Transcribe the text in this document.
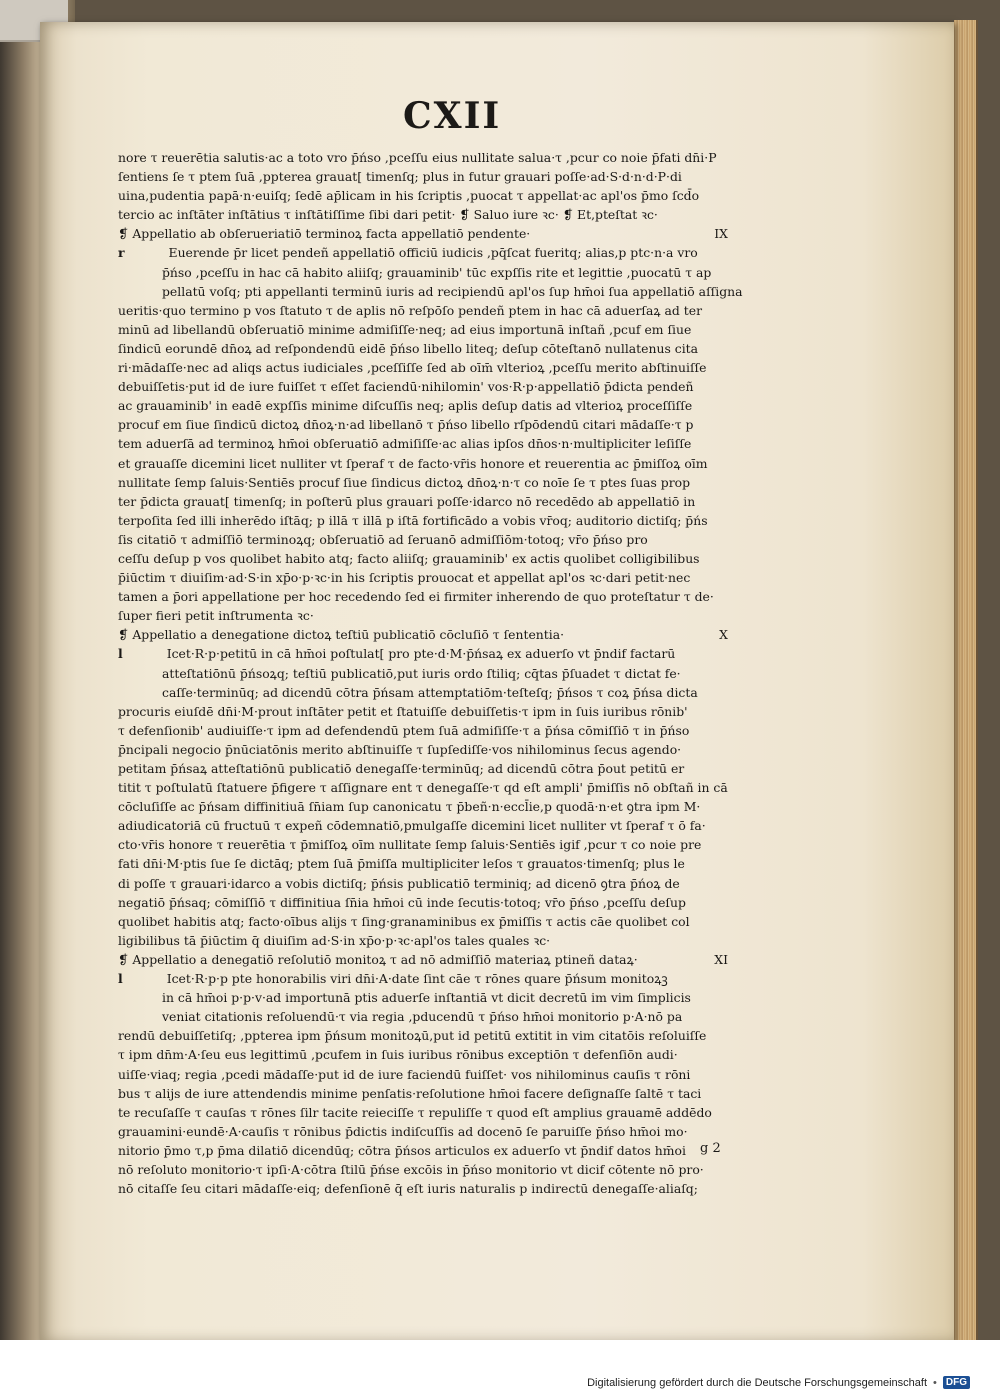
CXII
nore τ reuerētia salutis·ac a toto vro p̄ńso ,pceſſu eius nullitate salua·τ ,pcur co noie p̄fati dn̄i·P
ſentiens ſe τ ptem ſuā ,ppterea grauat[ timenſq; plus in futur grauari poſſe·ad·S·d·n·d·P·di
uina,pudentia papā·n·euiſq; ſedē ap̄licam in his ſcriptis ,puocat τ appellat·ac apl'os p̄mo ſcd̄o
tercio ac inſtāter inſtātius τ inſtātiſſime ſibi dari petit· ❡ Saluo iure ꝛc· ❡ Et,pteſtat ꝛc·
❡ Appellatio ab obſerueriatiō terminoꝝ facta appellatiō pendente·	IX
r	Euerende p̄r licet pendeñ appellatiō officiū iudicis ,pq̄ſcat fueritq; alias,p ptc·n·a vro
p̄ńso ,pceſſu in hac cā habito aliiſq; grauaminib' tūc expſſis rite et legittie ,puocatū τ ap
pellatū voſq; pti appellanti terminū iuris ad recipiendū apl'os ſup hm̄oi ſua appellatiō aſſigna
ueritis·quo termino p vos ſtatuto τ de aplis nō reſpōſo pendeñ ptem in hac cā aduerſaꝝ ad ter
minū ad libellandū obſeruatiō minime admiſiſſe·neq; ad eius importunā inſtañ ,pcuf em ſiue
ſindicū eorundē dn̄oꝝ ad reſpondendū eidē p̄ńso libello liteq; deſup cōteſtanō nullatenus cita
ri·mādaſſe·nec ad aliqs actus iudiciales ,pceſſiſſe ſed ab oīm̄ vlterioꝝ ,pceſſu merito abſtinuiſſe
debuiſſetis·put id de iure fuiſſet τ eſſet faciendū·nihilomin' vos·R·p·appellatiō p̄dicta pendeñ
ac grauaminib' in eadē expſſis minime diſcuſſis neq; aplis deſup datis ad vlterioꝝ proceſſiſſe
procuf em ſiue ſindicū dictoꝝ dn̄oꝝ·n·ad libellanō τ p̄ńso libello rſpōdendū citari mādaſſe·τ p
tem aduerſā ad terminoꝝ hm̄oi obſeruatiō admiſiſſe·ac alias ipſos dn̄os·n·multipliciter leſiſſe
et grauaſſe dicemini licet nulliter vt ſperaf τ de facto·vr̄is honore et reuerentia ac p̄miſſoꝝ oīm
nullitate ſemp ſaluis·Sentiēs procuf ſiue ſindicus dictoꝝ dn̄oꝝ·n·τ co noīe ſe τ ptes ſuas prop
ter p̄dicta grauat[ timenſq; in poſterū plus grauari poſſe·idarco nō recedēdo ab appellatiō in
terpoſita ſed illi inherēdo iſtāq; p illā τ illā p iſtā fortificādo a vobis vr̄oq; auditorio dictiſq; p̄ńs
ſis citatiō τ admiſſiō terminoꝝq; obſeruatiō ad ſeruanō admiſſiōm·totoq; vr̄o p̄ńso pro
ceſſu deſup p vos quolibet habito atq; facto aliiſq; grauaminib' ex actis quolibet colligibilibus
p̄iūctim τ diuiſim·ad·S·in xp̄o·p·ꝛc·in his ſcriptis prouocat et appellat apl'os ꝛc·dari petit·nec
tamen a p̄ori appellatione per hoc recedendo ſed ei firmiter inherendo de quo proteſtatur τ de·
ſuper fieri petit inſtrumenta ꝛc·
❡ Appellatio a denegatione dictoꝝ teſtiū publicatiō cōcluſiō τ ſententia·	X
l	Icet·R·p·petitū in cā hm̄oi poſtulat[ pro pte·d·M·p̄ńsaꝝ ex aduerſo vt p̄ndif factarū
atteſtatiōnū p̄ńsoꝝq; teſtiū publicatiō,put iuris ordo ſtiliq; cq̄tas p̄ſuadet τ dictat fe·
caſſe·terminūq; ad dicendū cōtra p̄ńsam attemptatiōm·teſteſq; p̄ńsos τ coꝝ p̄ńsa dicta
procuris eiuſdē dn̄i·M·prout inſtāter petit et ſtatuiſſe debuiſſetis·τ ipm in ſuis iuribus rōnib'
τ defenſionib' audiuiſſe·τ ipm ad defendendū ptem ſuā admiſiſſe·τ a p̄ńsa cōmiſſiō τ in p̄ńso
p̄ncipali negocio p̄nūciatōnis merito abſtinuiſſe τ ſupſediſſe·vos nihilominus ſecus agendo·
petitam p̄ńsaꝝ atteſtatiōnū publicatiō denegaſſe·terminūq; ad dicendū cōtra p̄out petitū er
titit τ poſtulatū ſtatuere p̄figere τ aſſignare ent τ denegaſſe·τ qd eſt ampli' p̄miſſis nō obſtañ in cā
cōcluſiſſe ac p̄ńsam diffinitiuā ſn̄iam ſup canonicatu τ p̄beñ·n·eccl̄ie,p quodā·n·et ꝯtra ipm M·
adiudicatoriā cū fructuū τ expeñ cōdemnatiō,pmulgaſſe dicemini licet nulliter vt ſperaf τ ō fa·
cto·vr̄is honore τ reuerētia τ p̄miſſoꝝ oīm nullitate ſemp ſaluis·Sentiēs igif ,pcur τ co noie pre
fati dn̄i·M·ptis ſue ſe dictāq; ptem ſuā p̄miſſa multipliciter leſos τ grauatos·timenſq; plus le
di poſſe τ grauari·idarco a vobis dictiſq; p̄ńsis publicatiō terminiq; ad dicenō ꝯtra p̄ńoꝝ de
negatiō p̄ńsaq; cōmiſſiō τ diffinitiua ſn̄ia hm̄oi cū inde ſecutis·totoq; vr̄o p̄ńso ,pceſſu deſup
quolibet habitis atq; facto·oībus alijs τ ſing·granaminibus ex p̄miſſis τ actis cāe quolibet col
ligibilibus tā p̄iūctim q̄ diuiſim ad·S·in xp̄o·p·ꝛc·apl'os tales quales ꝛc·
❡ Appellatio a denegatiō reſolutiō monitoꝝ τ ad nō admiſſiō materiaꝝ ptineñ dataꝝ·	XI
l	Icet·R·p·p pte honorabilis viri dn̄i·A·date ſint cāe τ rōnes quare p̄ńsum monitoꝝꝫ
in cā hm̄oi p·p·v·ad importunā ptis aduerſe inſtantiā vt dicit decretū im vim ſimplicis
veniat citationis reſoluendū·τ via regia ,pducendū τ p̄ńso hm̄oi monitorio p·A·nō pa
rendū debuiſſetiſq; ,ppterea ipm p̄ńsum monitoꝝū,put id petitū extitit in vim citatōis reſoluiſſe
τ ipm dn̄m·A·ſeu eus legittimū ,pcufem in ſuis iuribus rōnibus exceptiōn τ defenſiōn audi·
uiſſe·viaq; regia ,pcedi mādaſſe·put id de iure faciendū fuiſſet· vos nihilominus cauſis τ rōni
bus τ alijs de iure attendendis minime penſatis·reſolutione hm̄oi facere deſignaſſe ſaltē τ taci
te recuſaſſe τ cauſas τ rōnes ſilr tacite reieciſſe τ repuliſſe τ quod eſt amplius grauamē addēdo
grauamini·eundē·A·cauſis τ rōnibus p̄dictis indiſcuſſis ad docenō ſe paruiſſe p̄ńso hm̄oi mo·
nitorio p̄mo τ,p p̄ma dilatiō dicendūq; cōtra p̄ńsos articulos ex aduerſo vt p̄ndif datos hm̄oi
nō reſoluto monitorio·τ ipſi·A·cōtra ſtilū p̄ńse excōis in p̄ńso monitorio vt dicif cōtente nō pro·
nō citaſſe ſeu citari mādaſſe·eiq; defenſionē q̄ eſt iuris naturalis p indirectū denegaſſe·aliaſq;
g 2
Digitalisierung gefördert durch die Deutsche Forschungsgemeinschaft • DFG
